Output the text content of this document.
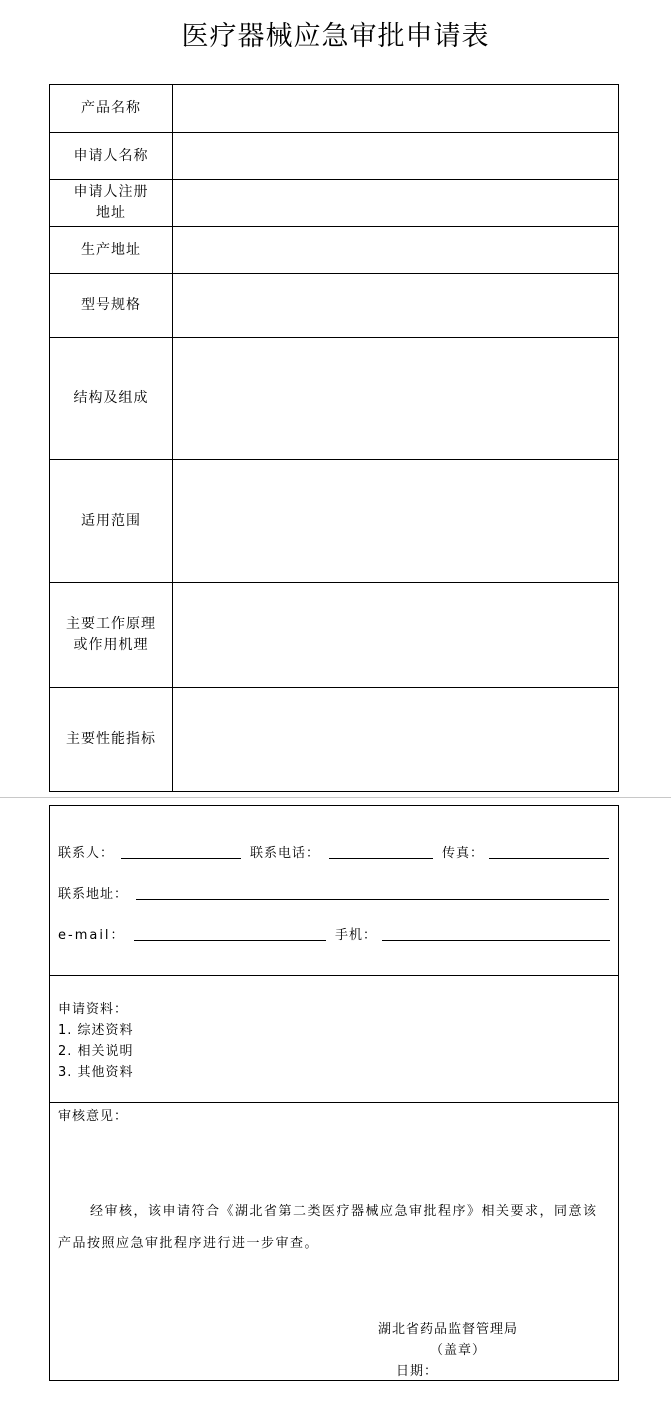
医疗器械应急审批申请表
产品名称	
申请人名称	

申请人注册
地址	

生产地址	
型号规格	
结构及组成	
适用范围	

主要工作原理
或作用机理	

主要性能指标	
联系人：	联系电话：	传真：
联系地址：
e-mail：	手机：
申请资料：
1. 综述资料
2. 相关说明
3. 其他资料
审核意见：
经审核，该申请符合《湖北省第二类医疗器械应急审批程序》相关要求，同意该产品按照应急审批程序进行进一步审查。
湖北省药品监督管理局
（盖章）
日期：
